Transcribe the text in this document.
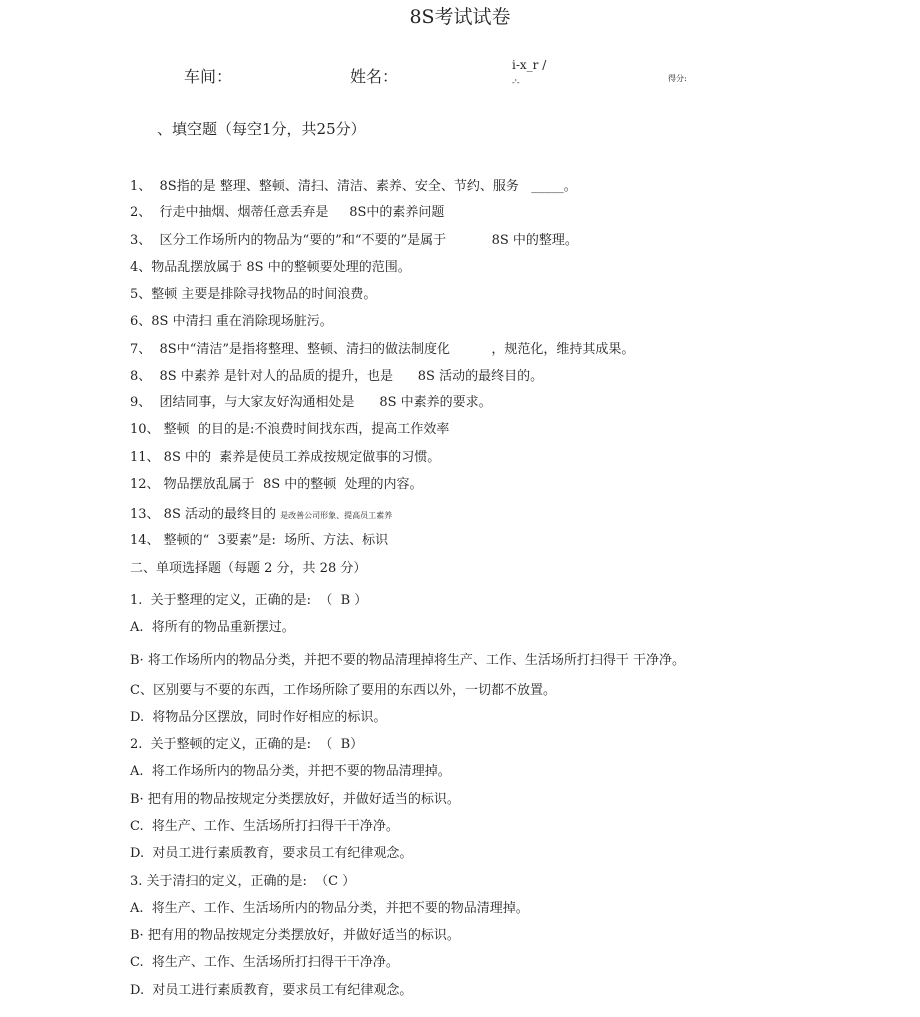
8S考试试卷
车间：	姓名：
i-x_r /
-'-	得分:
、填空题（每空1分，共25分）
1、  8S指的是 整理、整顿、清扫、清洁、素养、安全、节约、服务   _____。
2、  行走中抽烟、烟蒂任意丢弃是     8S中的素养问题
3、  区分工作场所内的物品为“要的”和“不要的”是属于           8S 中的整理。
4、物品乱摆放属于 8S 中的整顿要处理的范围。
5、整顿 主要是排除寻找物品的时间浪费。
6、8S 中清扫 重在消除现场脏污。
7、  8S中“清洁”是指将整理、整顿、清扫的做法制度化          ，规范化，维持其成果。
8、  8S 中素养 是针对人的品质的提升，也是      8S 活动的最终目的。
9、  团结同事，与大家友好沟通相处是      8S 中素养的要求。
10、 整顿  的目的是:不浪费时间找东西，提高工作效率
11、 8S 中的  素养是使员工养成按规定做事的习惯。
12、 物品摆放乱属于  8S 中的整顿  处理的内容。
13、 8S 活动的最终目的 是改善公司形象、提高员工素养
14、 整顿的“  3要素”是:  场所、方法、标识
二、单项选择题（每题 2 分，共 28 分）
1.  关于整理的定义，正确的是:  （  B ）
A.  将所有的物品重新摆过。
B· 将工作场所内的物品分类，并把不要的物品清理掉将生产、工作、生活场所打扫得干 干净净。
C、区别要与不要的东西，工作场所除了要用的东西以外，一切都不放置。
D.  将物品分区摆放，同时作好相应的标识。
2.  关于整顿的定义，正确的是:  （  B）
A.  将工作场所内的物品分类，并把不要的物品清理掉。
B· 把有用的物品按规定分类摆放好，并做好适当的标识。
C.  将生产、工作、生活场所打扫得干干净净。
D.  对员工进行素质教育，要求员工有纪律观念。
3. 关于清扫的定义，正确的是:  （C ）
A.  将生产、工作、生活场所内的物品分类，并把不要的物品清理掉。
B· 把有用的物品按规定分类摆放好，并做好适当的标识。
C.  将生产、工作、生活场所打扫得干干净净。
D.  对员工进行素质教育，要求员工有纪律观念。
